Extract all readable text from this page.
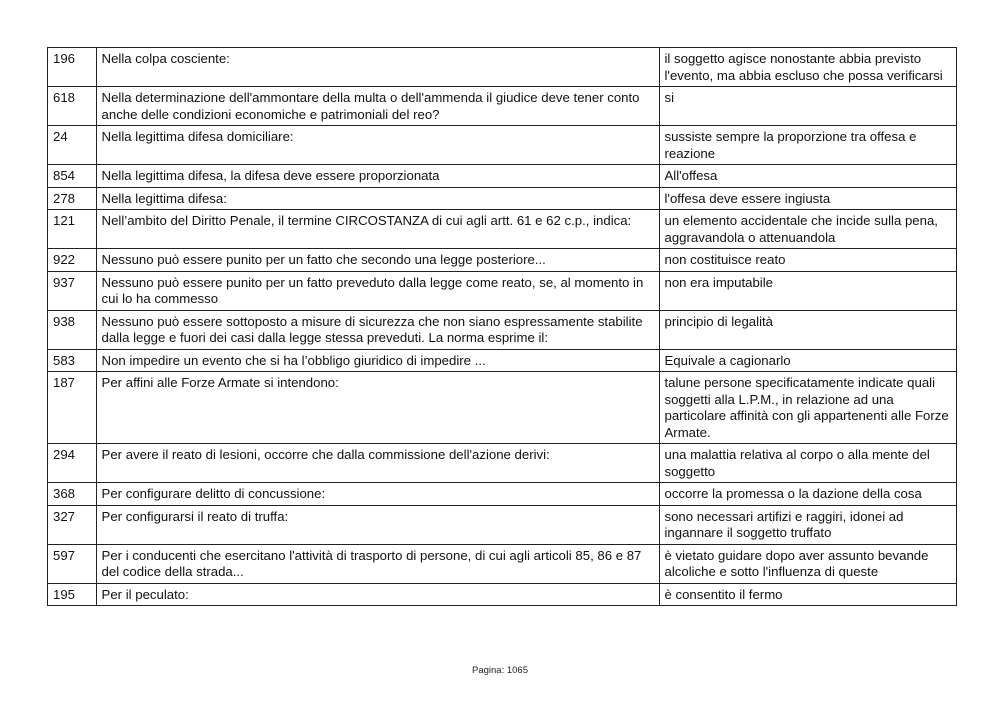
196	Nella colpa cosciente:	il soggetto agisce nonostante abbia previsto l'evento, ma abbia escluso che possa verificarsi
618	Nella determinazione dell'ammontare della multa o dell'ammenda il giudice deve tener conto anche delle condizioni economiche e patrimoniali del reo?	si
24	Nella legittima difesa domiciliare:	sussiste sempre la proporzione tra offesa e reazione
854	Nella legittima difesa, la difesa deve essere proporzionata	All'offesa
278	Nella legittima difesa:	l'offesa deve essere ingiusta
121	Nell’ambito del Diritto Penale, il termine CIRCOSTANZA di cui agli artt. 61 e 62 c.p., indica:	un elemento accidentale che incide sulla pena, aggravandola o attenuandola
922	Nessuno può essere punito per un fatto che secondo una legge posteriore...	non costituisce reato
937	Nessuno può essere punito per un fatto preveduto dalla legge come reato, se, al momento in cui lo ha commesso	non era imputabile
938	Nessuno può essere sottoposto a misure di sicurezza che non siano espressamente stabilite dalla legge e fuori dei casi dalla legge stessa preveduti. La norma esprime il:	principio di legalità
583	Non impedire un evento che si ha l’obbligo giuridico di impedire ...	Equivale a cagionarlo
187	Per affini alle Forze Armate si intendono:	talune persone specificatamente indicate quali soggetti alla L.P.M., in relazione ad una particolare affinità con gli appartenenti alle Forze Armate.
294	Per avere il reato di lesioni, occorre che dalla commissione dell'azione derivi:	una malattia relativa al corpo o alla mente del soggetto
368	Per configurare delitto di concussione:	occorre la promessa o la dazione della cosa
327	Per configurarsi il reato di truffa:	sono necessari artifizi e raggiri, idonei ad ingannare il soggetto truffato
597	Per i conducenti che esercitano l'attività di trasporto di persone, di cui agli articoli 85, 86 e 87 del codice della strada...	è vietato guidare dopo aver assunto bevande alcoliche e sotto l'influenza di queste
195	Per il peculato:	è consentito il fermo
Pagina: 1065
